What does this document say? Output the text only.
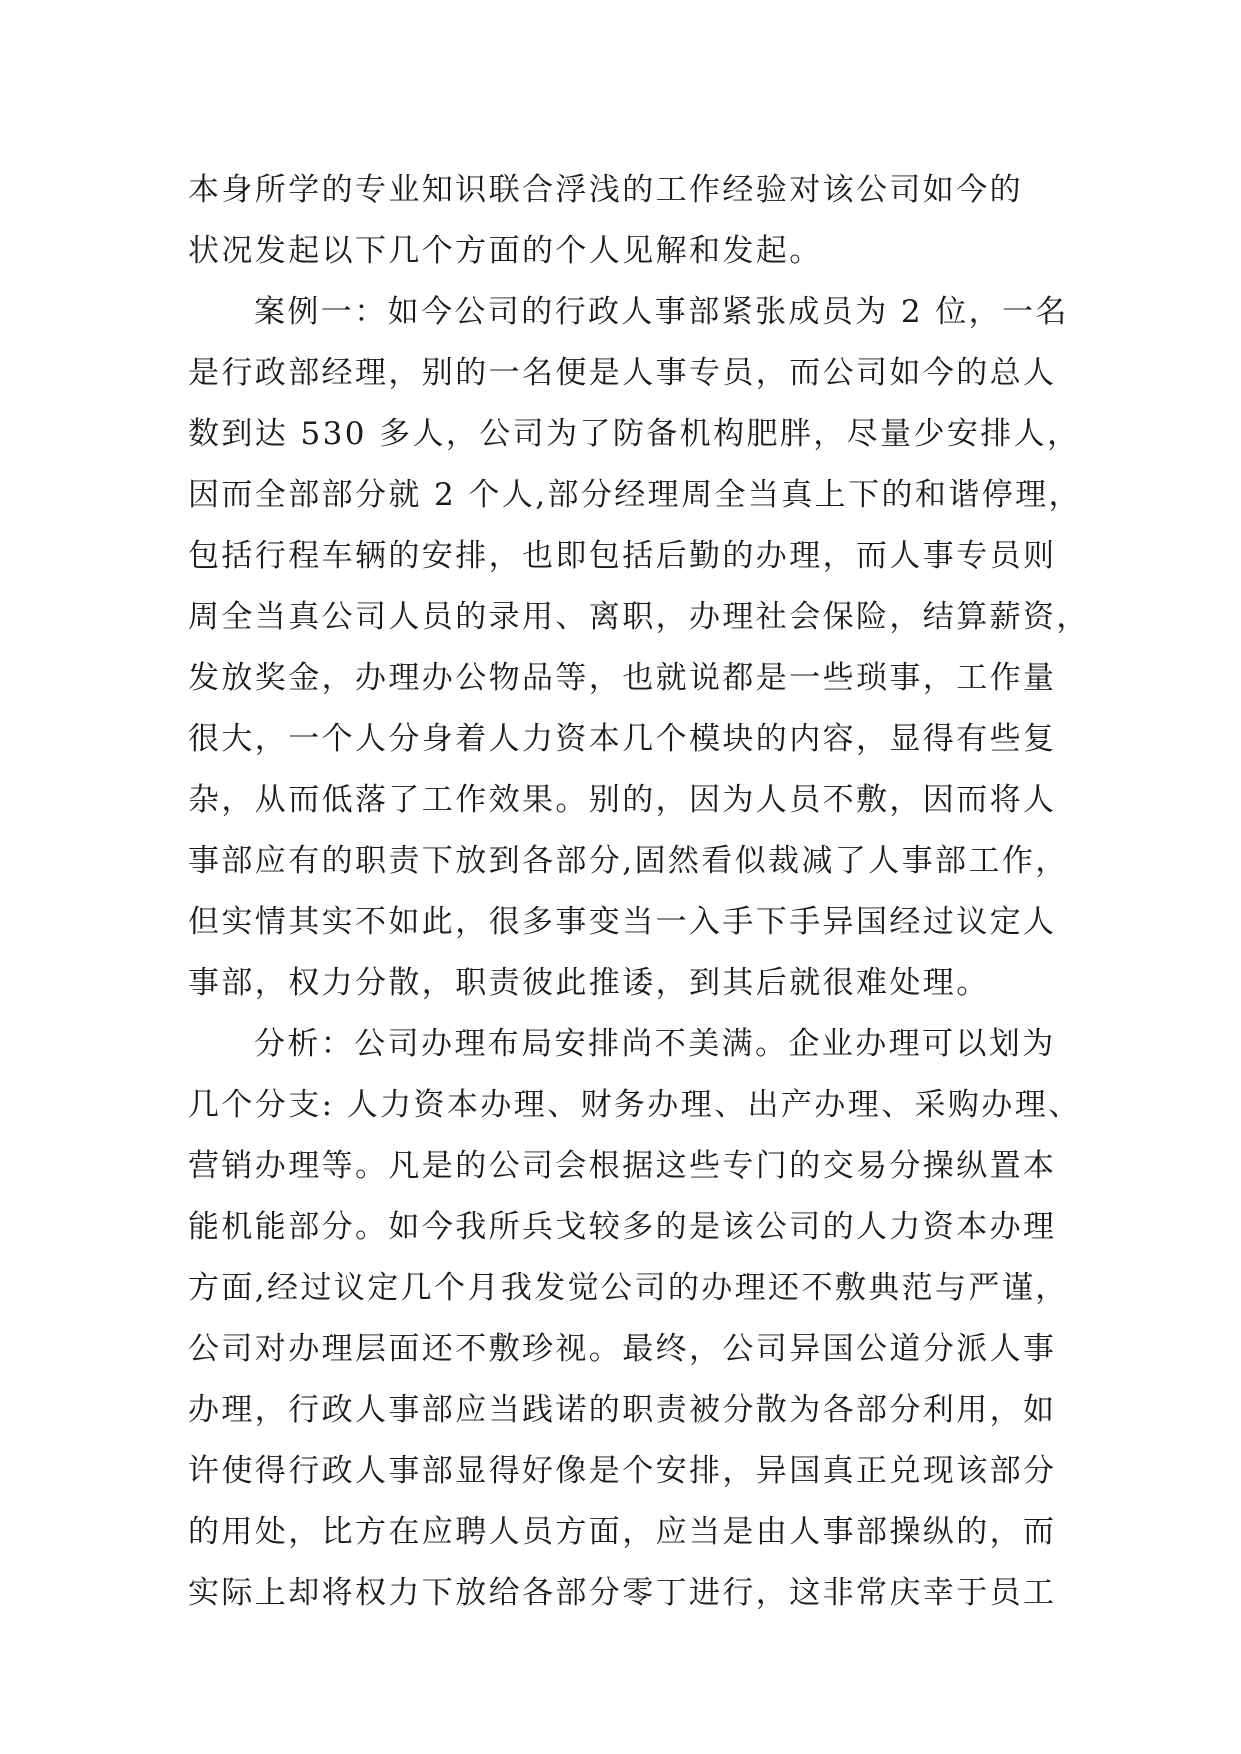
本身所学的专业知识联合浮浅的工作经验对该公司如今的
状况发起以下几个方面的个人见解和发起。
案例一：如今公司的行政人事部紧张成员为 2 位，一名
是行政部经理，别的一名便是人事专员，而公司如今的总人
数到达 530 多人，公司为了防备机构肥胖，尽量少安排人，
因而全部部分就 2 个人,部分经理周全当真上下的和谐停理，
包括行程车辆的安排，也即包括后勤的办理，而人事专员则
周全当真公司人员的录用、离职，办理社会保险，结算薪资，
发放奖金，办理办公物品等，也就说都是一些琐事，工作量
很大，一个人分身着人力资本几个模块的内容，显得有些复
杂，从而低落了工作效果。别的，因为人员不敷，因而将人
事部应有的职责下放到各部分,固然看似裁减了人事部工作，
但实情其实不如此，很多事变当一入手下手异国经过议定人
事部，权力分散，职责彼此推诿，到其后就很难处理。
分析：公司办理布局安排尚不美满。企业办理可以划为
几个分支: 人力资本办理、财务办理、出产办理、采购办理、
营销办理等。凡是的公司会根据这些专门的交易分操纵置本
能机能部分。如今我所兵戈较多的是该公司的人力资本办理
方面,经过议定几个月我发觉公司的办理还不敷典范与严谨，
公司对办理层面还不敷珍视。最终，公司异国公道分派人事
办理，行政人事部应当践诺的职责被分散为各部分利用，如
许使得行政人事部显得好像是个安排，异国真正兑现该部分
的用处，比方在应聘人员方面，应当是由人事部操纵的，而
实际上却将权力下放给各部分零丁进行，这非常庆幸于员工
